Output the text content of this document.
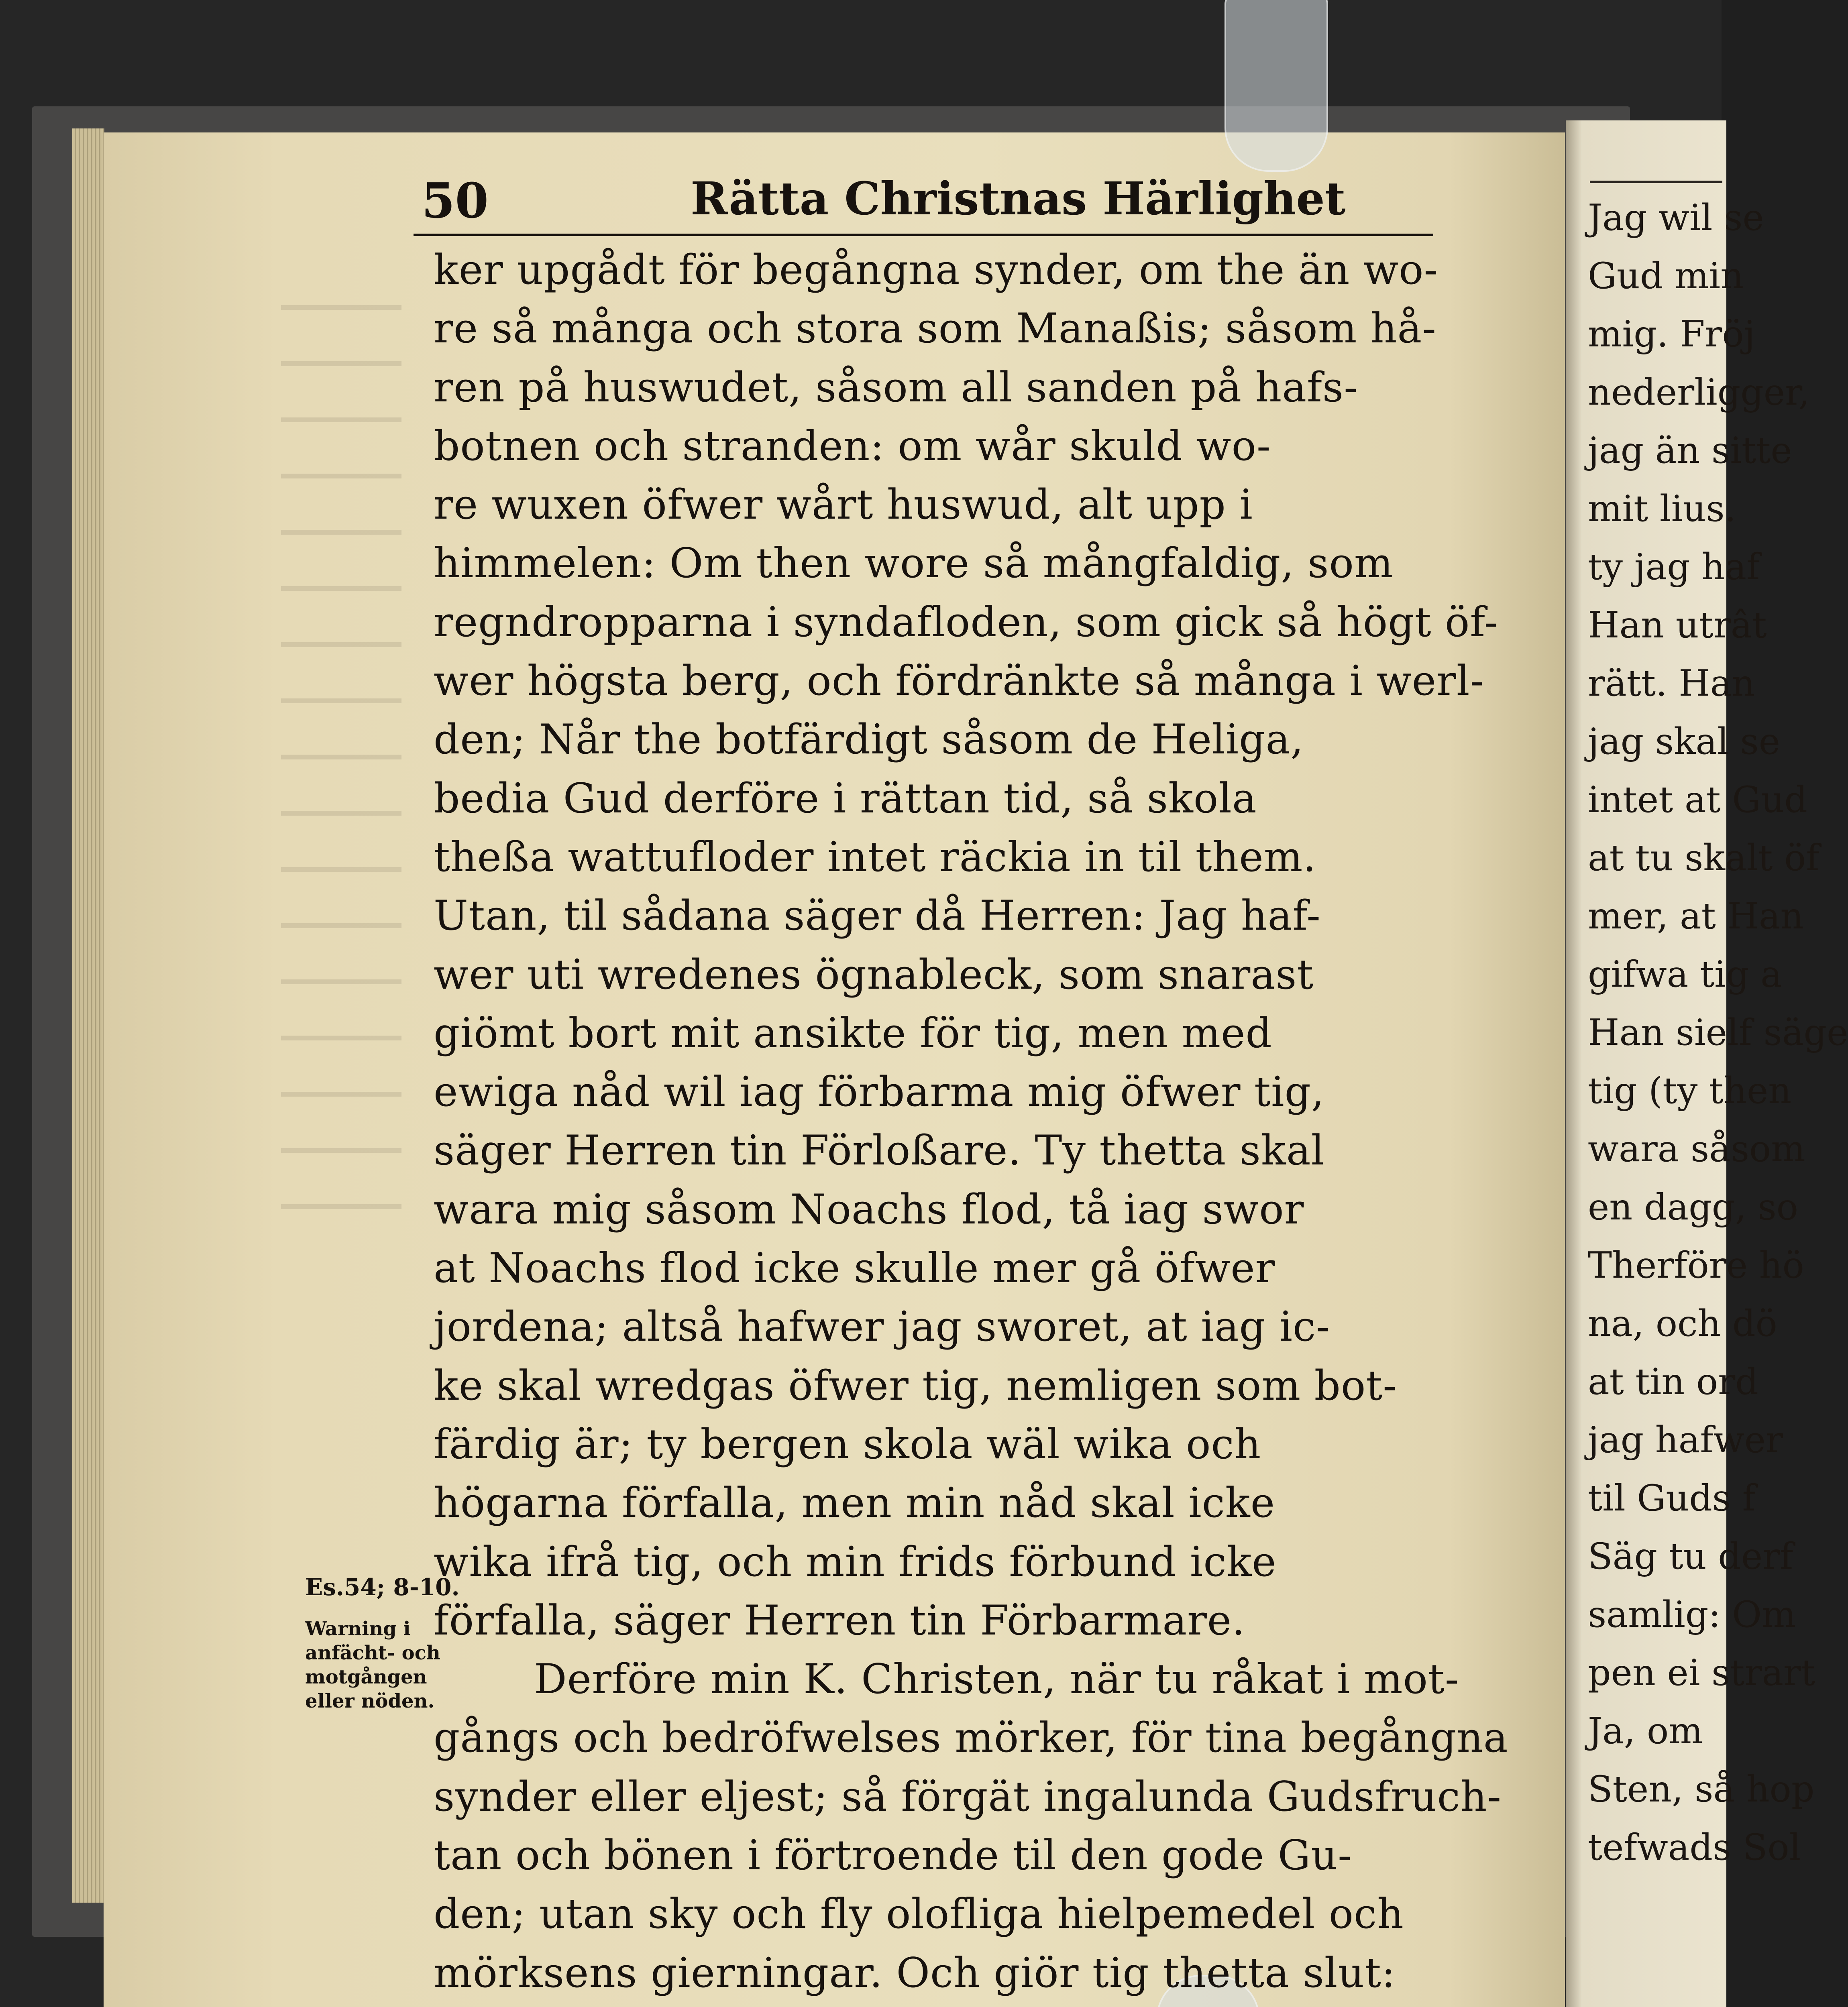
Jag wil se

Gud min

mig. Fröj

nederligger,

jag än sitte

mit lius.

ty jag haf

Han utrât

rätt. Han

jag skal se

intet at Gud

at tu skalt öf

mer, at Han

gifwa tig a

Han sielf säge

tig (ty then

wara såsom

en dagg, so

Therföre hö

na, och dö

at tin ord

jag hafwer

til Guds f

Säg tu derf

samlig: Om

pen ei strart

Ja, om

Sten, så hop

tefwads Sol

50	Rätta Christnas Härlighet

ker upgådt för begångna synder, om the än wo-

re så många och stora som Manaßis; såsom hå-

ren på huswudet, såsom all sanden på hafs-

botnen och stranden: om wår skuld wo-

re wuxen öfwer wårt huswud, alt upp i

himmelen: Om then wore så mångfaldig, som

regndropparna i syndafloden, som gick så högt öf-

wer högsta berg, och fördränkte så många i werl-

den; Når the botfärdigt såsom de Heliga,

bedia Gud derföre i rättan tid, så skola

theßa wattufloder intet räckia in til them.

Utan, til sådana säger då Herren: Jag haf-

wer uti wredenes ögnableck, som snarast

giömt bort mit ansikte för tig, men med

ewiga nåd wil iag förbarma mig öfwer tig,

säger Herren tin Förloßare. Ty thetta skal

wara mig såsom Noachs flod, tå iag swor

at Noachs flod icke skulle mer gå öfwer

jordena; altså hafwer jag sworet, at iag ic-

ke skal wredgas öfwer tig, nemligen som bot-

färdig är; ty bergen skola wäl wika och

högarna förfalla, men min nåd skal icke

wika ifrå tig, och min frids förbund icke

förfalla, säger Herren tin Förbarmare.

Derföre min K. Christen, när tu råkat i mot-

gångs och bedröfwelses mörker, för tina begångna

synder eller eljest; så förgät ingalunda Gudsfruch-

tan och bönen i förtroende til den gode Gu-

den; utan sky och fly olofliga hielpemedel och

mörksens gierningar. Och giör tig thetta slut:

Es.54; 8-10.

Warning i

anfächt- och

motgången

eller nöden.
